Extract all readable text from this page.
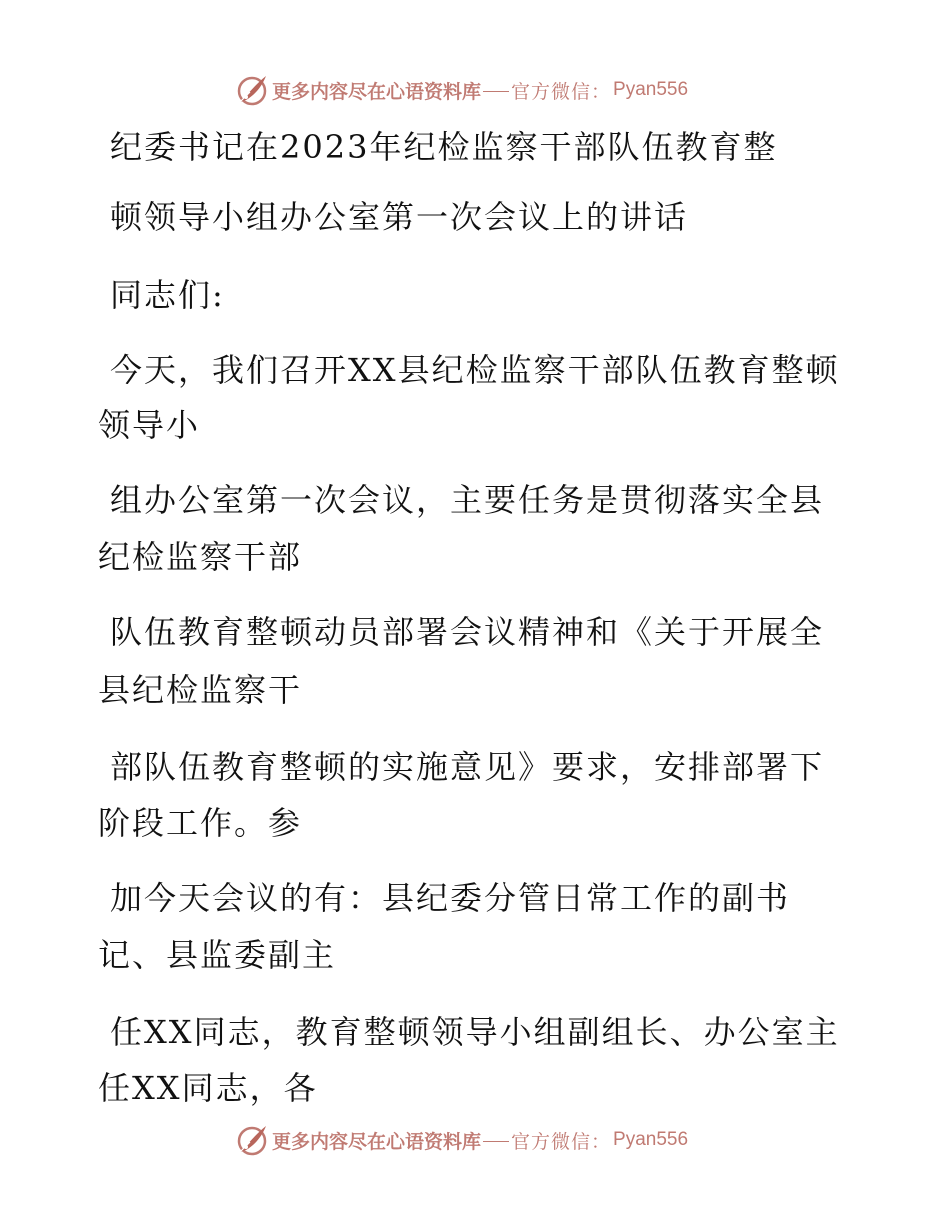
更多内容尽在心语资料库 官方微信： Pyan556
纪委书记在2023年纪检监察干部队伍教育整
顿领导小组办公室第一次会议上的讲话
同志们:
今天，我们召开XX县纪检监察干部队伍教育整顿
领导小
组办公室第一次会议，主要任务是贯彻落实全县
纪检监察干部
队伍教育整顿动员部署会议精神和《关于开展全
县纪检监察干
部队伍教育整顿的实施意见》要求，安排部署下
阶段工作。参
加今天会议的有：县纪委分管日常工作的副书
记、县监委副主
任XX同志，教育整顿领导小组副组长、办公室主
任XX同志，各
更多内容尽在心语资料库 官方微信： Pyan556
